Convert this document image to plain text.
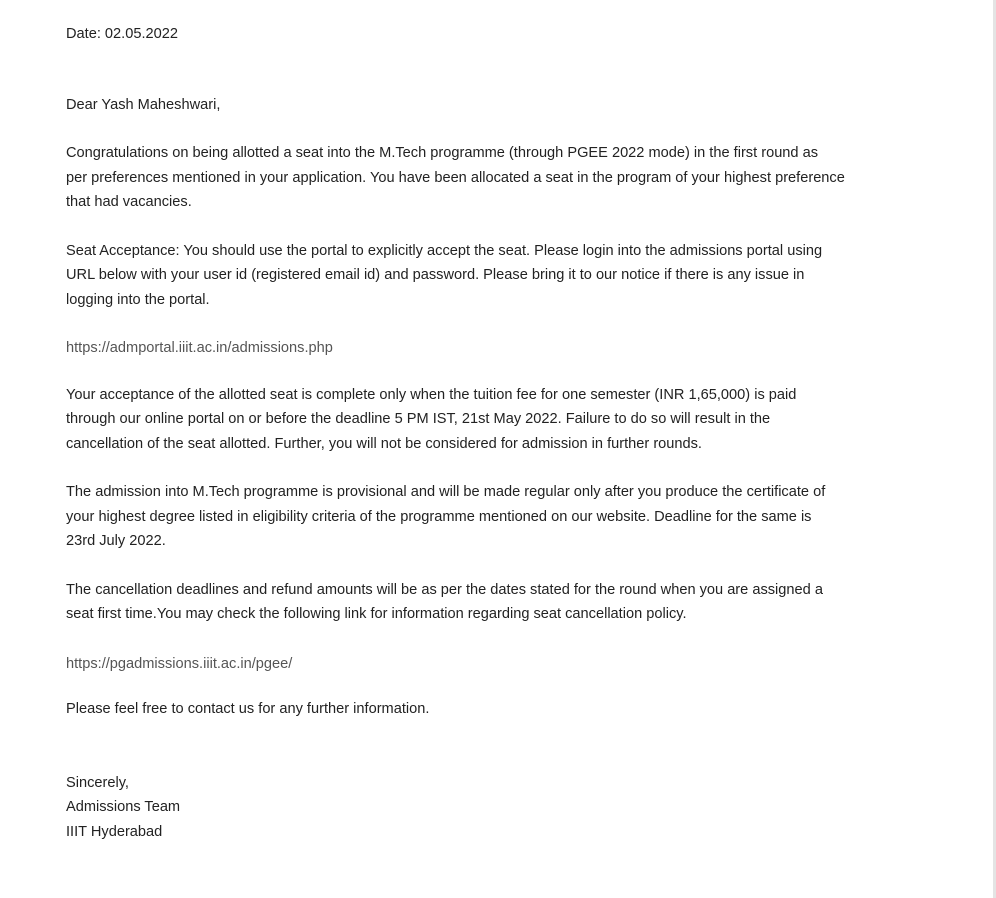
Date: 02.05.2022

Dear Yash Maheshwari,

Congratulations on being allotted a seat into the M.Tech programme (through PGEE 2022 mode) in the first round as
per preferences mentioned in your application. You have been allocated a seat in the program of your highest preference
that had vacancies.

Seat Acceptance: You should use the portal to explicitly accept the seat. Please login into the admissions portal using
URL below with your user id (registered email id) and password. Please bring it to our notice if there is any issue in
logging into the portal.

https://admportal.iiit.ac.in/admissions.php

Your acceptance of the allotted seat is complete only when the tuition fee for one semester (INR 1,65,000) is paid
through our online portal on or before the deadline 5 PM IST, 21st May 2022. Failure to do so will result in the
cancellation of the seat allotted. Further, you will not be considered for admission in further rounds.

The admission into M.Tech programme is provisional and will be made regular only after you produce the certificate of
your highest degree listed in eligibility criteria of the programme mentioned on our website. Deadline for the same is
23rd July 2022.

The cancellation deadlines and refund amounts will be as per the dates stated for the round when you are assigned a
seat first time.You may check the following link for information regarding seat cancellation policy.

https://pgadmissions.iiit.ac.in/pgee/

Please feel free to contact us for any further information.

Sincerely,

Admissions Team

IIIT Hyderabad
